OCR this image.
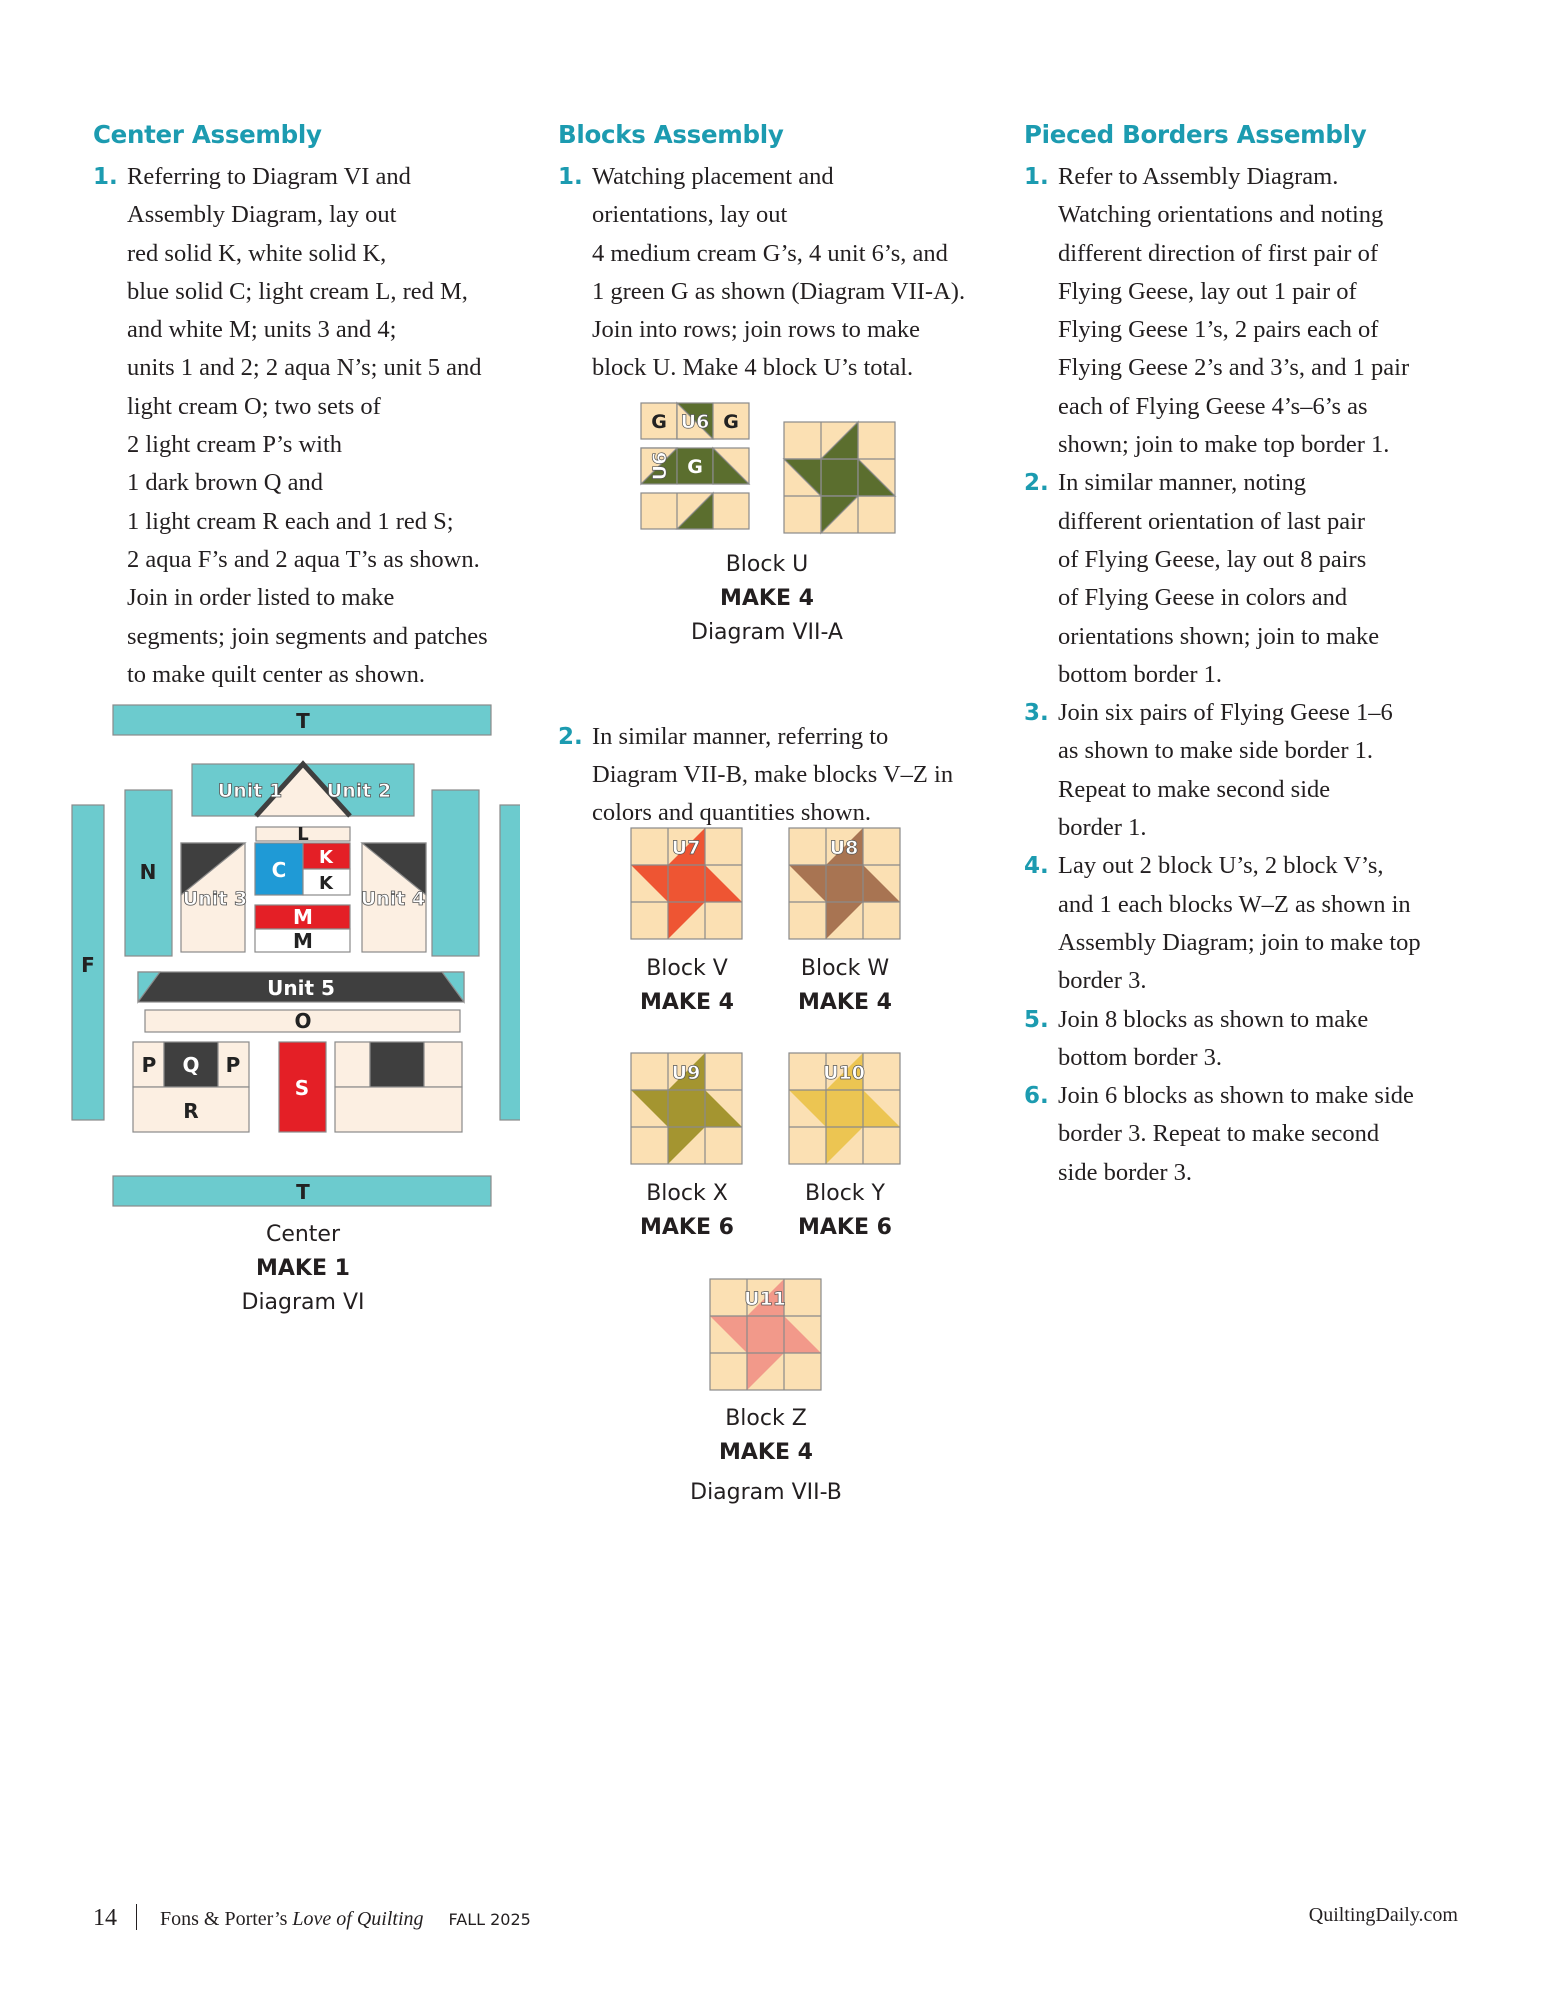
Center Assembly
1. Referring to Diagram VI and
Assembly Diagram, lay out
red solid K, white solid K,
blue solid C; light cream L, red M,
and white M; units 3 and 4;
units 1 and 2; 2 aqua N’s; unit 5 and
light cream O; two sets of
2 light cream P’s with
1 dark brown Q and
1 light cream R each and 1 red S;
2 aqua F’s and 2 aqua T’s as shown.
Join in order listed to make
segments; join segments and patches
to make quilt center as shown.
Blocks Assembly
1. Watching placement and
orientations, lay out
4 medium cream G’s, 4 unit 6’s, and
1 green G as shown (Diagram VII-A).
Join into rows; join rows to make
block U. Make 4 block U’s total.
2. In similar manner, referring to
Diagram VII-B, make blocks V–Z in
colors and quantities shown.
Pieced Borders Assembly
1. Refer to Assembly Diagram.
Watching orientations and noting
different direction of first pair of
Flying Geese, lay out 1 pair of
Flying Geese 1’s, 2 pairs each of
Flying Geese 2’s and 3’s, and 1 pair
each of Flying Geese 4’s–6’s as
shown; join to make top border 1.
2. In similar manner, noting
different orientation of last pair
of Flying Geese, lay out 8 pairs
of Flying Geese in colors and
orientations shown; join to make
bottom border 1.
3. Join six pairs of Flying Geese 1–6
as shown to make side border 1.
Repeat to make second side
border 1.
4. Lay out 2 block U’s, 2 block V’s,
and 1 each blocks W–Z as shown in
Assembly Diagram; join to make top
border 3.
5. Join 8 blocks as shown to make
bottom border 3.
6. Join 6 blocks as shown to make side
border 3. Repeat to make second
side border 3.
T
F
N
L
C
K
K
M
M
O
P Q P
R
S
T
Unit 5
Unit 1 Unit 2
Unit 3	Unit 4
Center
MAKE 1
Diagram VI
G U6 G
U6 G
Block U
MAKE 4
Diagram VII-A
U7	U8
Block V
MAKE 4
Block W
MAKE 4
U9	U10
Block X
MAKE 6
Block Y
MAKE 6
U11
Block Z
MAKE 4
Diagram VII-B
14 Fons & Porter’s Love of Quilting FALL 2025	QuiltingDaily.com
